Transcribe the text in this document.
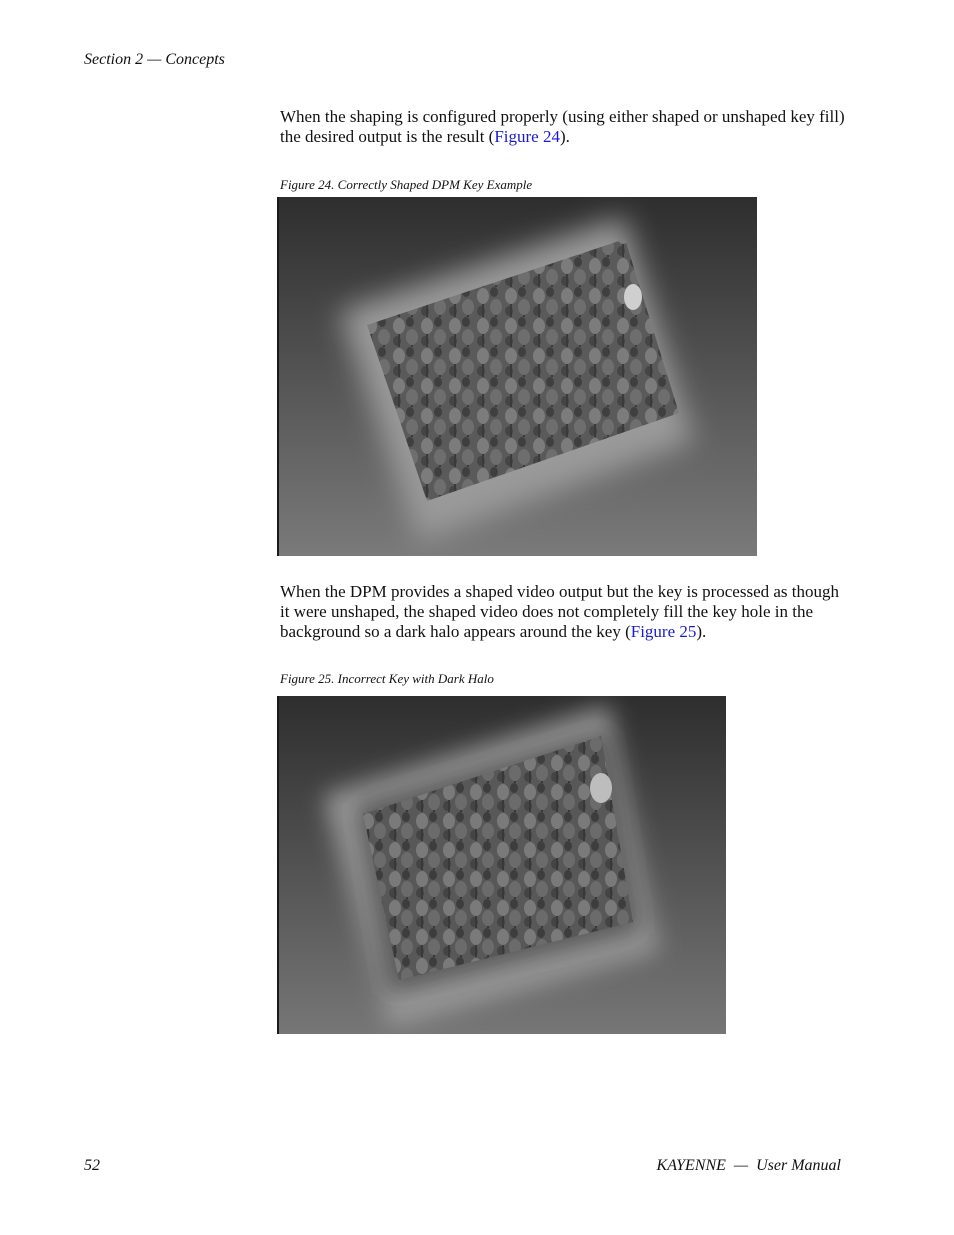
Section 2 — Concepts

When the shaping is configured properly (using either shaped or unshaped key fill) the desired output is the result (Figure 24).

Figure 24. Correctly Shaped DPM Key Example

When the DPM provides a shaped video output but the key is processed as though it were unshaped, the shaped video does not completely fill the key hole in the background so a dark halo appears around the key (Figure 25).

Figure 25. Incorrect Key with Dark Halo
52	KAYENNE  —  User Manual
